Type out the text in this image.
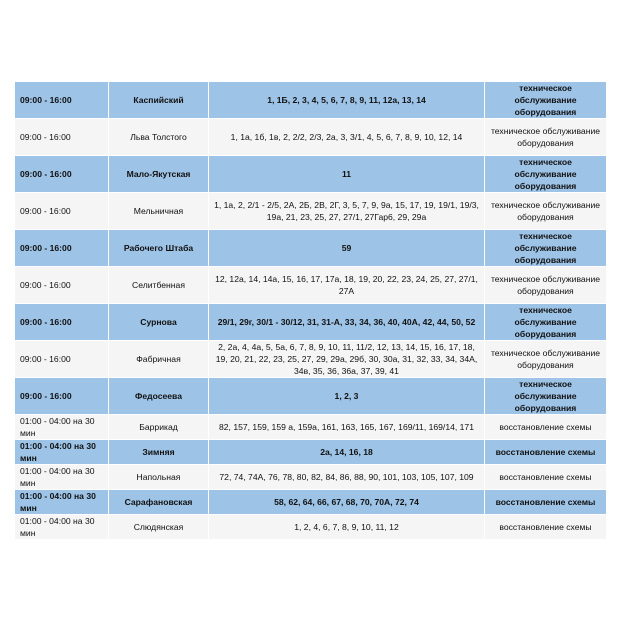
09:00 - 16:00	Каспийский	1, 1Б, 2, 3, 4, 5, 6, 7, 8, 9, 11, 12а, 13, 14	техническое обслуживание оборудования
09:00 - 16:00	Льва Толстого	1, 1а, 1б, 1в, 2, 2/2, 2/3, 2а, 3, 3/1, 4, 5, 6, 7, 8, 9, 10, 12, 14	техническое обслуживание оборудования
09:00 - 16:00	Мало-Якутская	11	техническое обслуживание оборудования
09:00 - 16:00	Мельничная	1, 1а, 2, 2/1 - 2/5, 2А, 2Б, 2В, 2Г, 3, 5, 7, 9, 9а, 15, 17, 19, 19/1, 19/3, 19а, 21, 23, 25, 27, 27/1, 27Гар6, 29, 29а	техническое обслуживание оборудования
09:00 - 16:00	Рабочего Штаба	59	техническое обслуживание оборудования
09:00 - 16:00	Селитбенная	12, 12а, 14, 14а, 15, 16, 17, 17а, 18, 19, 20, 22, 23, 24, 25, 27, 27/1, 27А	техническое обслуживание оборудования
09:00 - 16:00	Сурнова	29/1, 29г, 30/1 - 30/12, 31, 31-А, 33, 34, 36, 40, 40А, 42, 44, 50, 52	техническое обслуживание оборудования
09:00 - 16:00	Фабричная	2, 2а, 4, 4а, 5, 5а, 6, 7, 8, 9, 10, 11, 11/2, 12, 13, 14, 15, 16, 17, 18, 19, 20, 21, 22, 23, 25, 27, 29, 29а, 29б, 30, 30а, 31, 32, 33, 34, 34А, 34в, 35, 36, 36а, 37, 39, 41	техническое обслуживание оборудования
09:00 - 16:00	Федосеева	1, 2, 3	техническое обслуживание оборудования
01:00 - 04:00 на 30 мин	Баррикад	82, 157, 159, 159 а, 159а, 161, 163, 165, 167, 169/11, 169/14, 171	восстановление схемы
01:00 - 04:00 на 30 мин	Зимняя	2а, 14, 16, 18	восстановление схемы
01:00 - 04:00 на 30 мин	Напольная	72, 74, 74А, 76, 78, 80, 82, 84, 86, 88, 90, 101, 103, 105, 107, 109	восстановление схемы
01:00 - 04:00 на 30 мин	Сарафановская	58, 62, 64, 66, 67, 68, 70, 70А, 72, 74	восстановление схемы
01:00 - 04:00 на 30 мин	Слюдянская	1, 2, 4, 6, 7, 8, 9, 10, 11, 12	восстановление схемы
